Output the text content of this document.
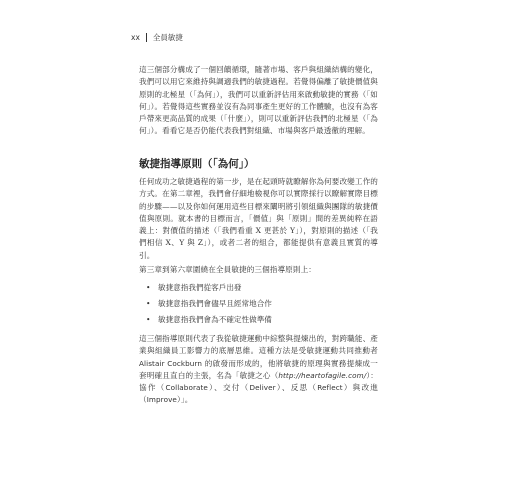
xx 全員敏捷

這三個部分構成了一個回饋循環，隨著市場、客戶與組織結構的變化，我們可以用它來維持與調適我們的敏捷過程。若覺得偏離了敏捷價值與原則的北極星（「為何」），我們可以重新評估用來啟動敏捷的實務（「如何」）。若覺得這些實務並沒有為同事產生更好的工作體驗，也沒有為客戶帶來更高品質的成果（「什麼」），則可以重新評估我們的北極星（「為何」）。看看它是否仍能代表我們對組織、市場與客戶最透徹的理解。

敏捷指導原則（「為何」）

任何成功之敏捷過程的第一步，是在起頭時就瞭解你為何要改變工作的方式。在第二章裡，我們會仔細地檢視你可以實際採行以瞭解實際目標的步驟——以及你如何運用這些目標來闡明將引領組織與團隊的敏捷價值與原則。就本書的目標而言，「價值」與「原則」間的差異純粹在語義上：對價值的描述（「我們看重 X 更甚於 Y」），對原則的描述（「我們相信 X、Y 與 Z」），或者二者的組合，都能提供有意義且實質的導引。

第三章到第六章圍繞在全員敏捷的三個指導原則上：

• 敏捷意指我們從客戶出發
• 敏捷意指我們會儘早且經常地合作
• 敏捷意指我們會為不確定性做準備

這三個指導原則代表了我從敏捷運動中綜整與提煉出的，對跨職能、產業與組織員工影響力的底層思維。這種方法是受敏捷運動共同推動者 Alistair Cockburn 的啟發而形成的，他將敏捷的原理與實務提煉成一套明確且直白的主張，名為「敏捷之心（http://heartofagile.com/）：協作（Collaborate）、交付（Deliver）、反思（Reflect）與改進（Improve）」。
